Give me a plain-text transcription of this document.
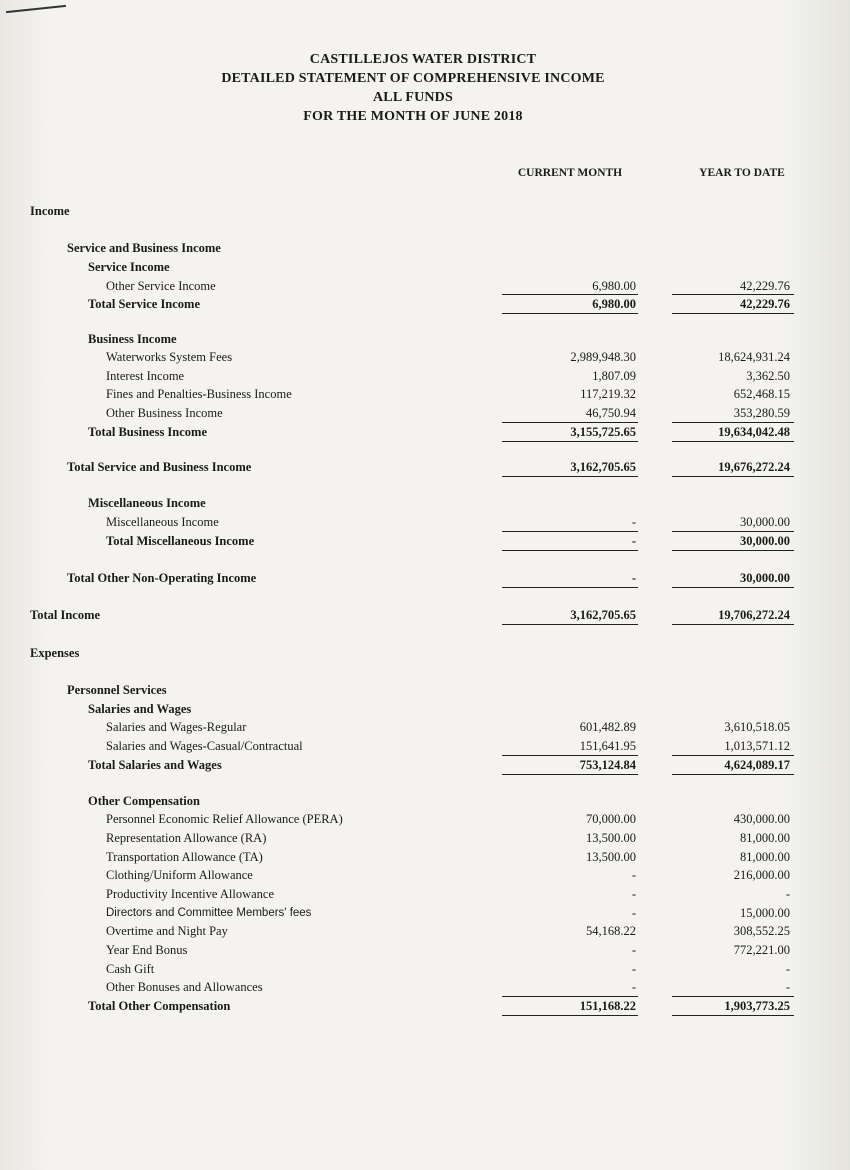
CASTILLEJOS WATER DISTRICT
DETAILED STATEMENT OF COMPREHENSIVE INCOME
ALL FUNDS
FOR THE MONTH OF JUNE 2018
CURRENT MONTH	YEAR TO DATE
Income
Service and Business Income
Service Income
Other Service Income	6,980.00	42,229.76
Total Service Income	6,980.00	42,229.76
Business Income
Waterworks System Fees	2,989,948.30	18,624,931.24
Interest Income	1,807.09	3,362.50
Fines and Penalties-Business Income	117,219.32	652,468.15
Other Business Income	46,750.94	353,280.59
Total Business Income	3,155,725.65	19,634,042.48
Total Service and Business Income	3,162,705.65	19,676,272.24
Miscellaneous Income
Miscellaneous Income	-	30,000.00
Total Miscellaneous Income	-	30,000.00
Total Other Non-Operating Income	-	30,000.00
Total Income	3,162,705.65	19,706,272.24
Expenses
Personnel Services
Salaries and Wages
Salaries and Wages-Regular	601,482.89	3,610,518.05
Salaries and Wages-Casual/Contractual	151,641.95	1,013,571.12
Total Salaries and Wages	753,124.84	4,624,089.17
Other Compensation
Personnel Economic Relief Allowance (PERA)	70,000.00	430,000.00
Representation Allowance (RA)	13,500.00	81,000.00
Transportation Allowance (TA)	13,500.00	81,000.00
Clothing/Uniform Allowance	-	216,000.00
Productivity Incentive Allowance	-	-
Directors and Committee Members' fees	-	15,000.00
Overtime and Night Pay	54,168.22	308,552.25
Year End Bonus	-	772,221.00
Cash Gift	-	-
Other Bonuses and Allowances	-	-
Total Other Compensation	151,168.22	1,903,773.25
